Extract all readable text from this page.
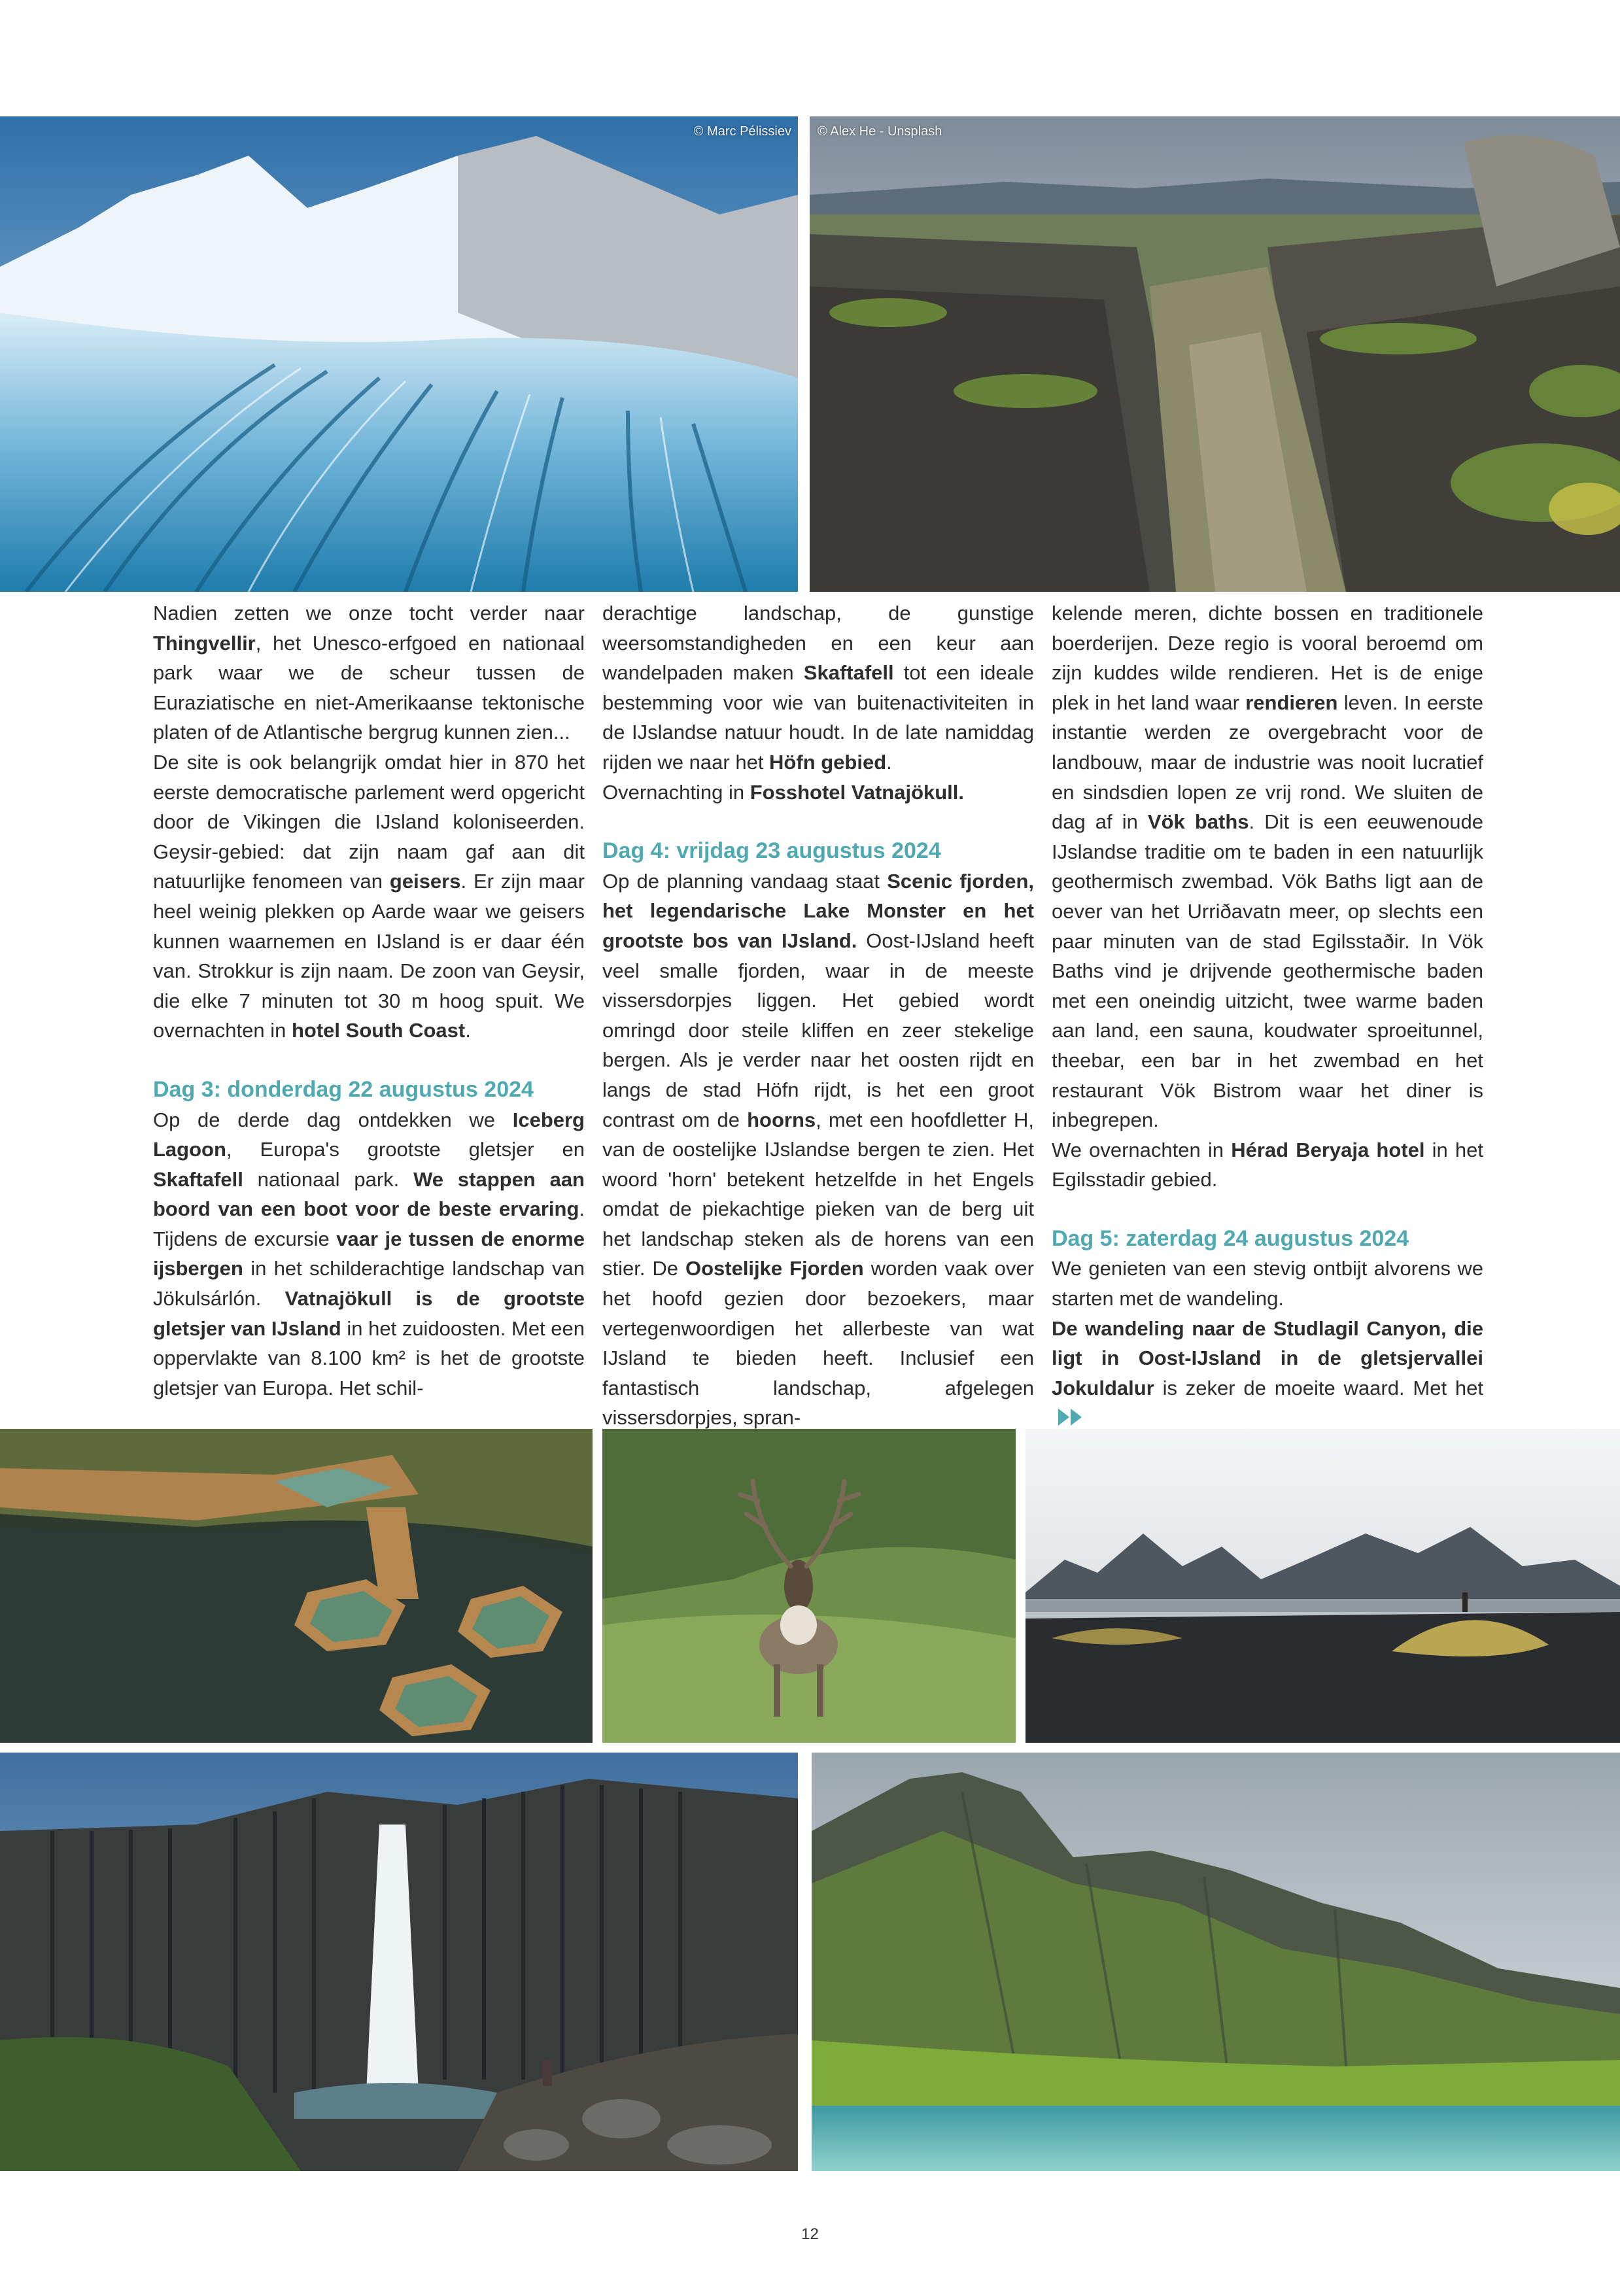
© Marc Pélissiev © Alex He - Unsplash

Nadien zetten we onze tocht verder naar Thingvellir, het Unesco-erfgoed en nationaal park waar we de scheur tussen de Euraziatische en niet-Amerikaanse tektonische platen of de Atlantische bergrug kunnen zien...

De site is ook belangrijk omdat hier in 870 het eerste democratische parlement werd opgericht door de Vikingen die IJsland koloniseerden. Geysir-gebied: dat zijn naam gaf aan dit natuurlijke fenomeen van geisers. Er zijn maar heel weinig plekken op Aarde waar we geisers kunnen waarnemen en IJsland is er daar één van. Strokkur is zijn naam. De zoon van Geysir, die elke 7 minuten tot 30 m hoog spuit. We overnachten in hotel South Coast.

Dag 3: donderdag 22 augustus 2024

Op de derde dag ontdekken we Iceberg Lagoon, Europa's grootste gletsjer en Skaftafell nationaal park. We stappen aan boord van een boot voor de beste ervaring. Tijdens de excursie vaar je tussen de enorme ijsbergen in het schilderachtige landschap van Jökulsárlón. Vatnajökull is de grootste gletsjer van IJsland in het zuidoosten. Met een oppervlakte van 8.100 km² is het de grootste gletsjer van Europa. Het schil-

derachtige landschap, de gunstige weersomstandigheden en een keur aan wandelpaden maken Skaftafell tot een ideale bestemming voor wie van buitenactiviteiten in de IJslandse natuur houdt. In de late namiddag rijden we naar het Höfn gebied.

Overnachting in Fosshotel Vatnajökull.

Dag 4: vrijdag 23 augustus 2024

Op de planning vandaag staat Scenic fjorden, het legendarische Lake Monster en het grootste bos van IJsland. Oost-IJsland heeft veel smalle fjorden, waar in de meeste vissersdorpjes liggen. Het gebied wordt omringd door steile kliffen en zeer stekelige bergen. Als je verder naar het oosten rijdt en langs de stad Höfn rijdt, is het een groot contrast om de hoorns, met een hoofdletter H, van de oostelijke IJslandse bergen te zien. Het woord 'horn' betekent hetzelfde in het Engels omdat de piekachtige pieken van de berg uit het landschap steken als de horens van een stier. De Oostelijke Fjorden worden vaak over het hoofd gezien door bezoekers, maar vertegenwoordigen het allerbeste van wat IJsland te bieden heeft. Inclusief een fantastisch landschap, afgelegen vissersdorpjes, spran-

kelende meren, dichte bossen en traditionele boerderijen. Deze regio is vooral beroemd om zijn kuddes wilde rendieren. Het is de enige plek in het land waar rendieren leven. In eerste instantie werden ze overgebracht voor de landbouw, maar de industrie was nooit lucratief en sindsdien lopen ze vrij rond. We sluiten de dag af in Vök baths. Dit is een eeuwenoude IJslandse traditie om te baden in een natuurlijk geothermisch zwembad. Vök Baths ligt aan de oever van het Urriðavatn meer, op slechts een paar minuten van de stad Egilsstaðir. In Vök Baths vind je drijvende geothermische baden met een oneindig uitzicht, twee warme baden aan land, een sauna, koudwater sproeitunnel, theebar, een bar in het zwembad en het restaurant Vök Bistrom waar het diner is inbegrepen.

We overnachten in Hérad Beryaja hotel in het Egilsstadir gebied.

Dag 5: zaterdag 24 augustus 2024

We genieten van een stevig ontbijt alvorens we starten met de wandeling.

De wandeling naar de Studlagil Canyon, die ligt in Oost-IJsland in de gletsjervallei Jokuldalur is zeker de moeite waard. Met het

12
